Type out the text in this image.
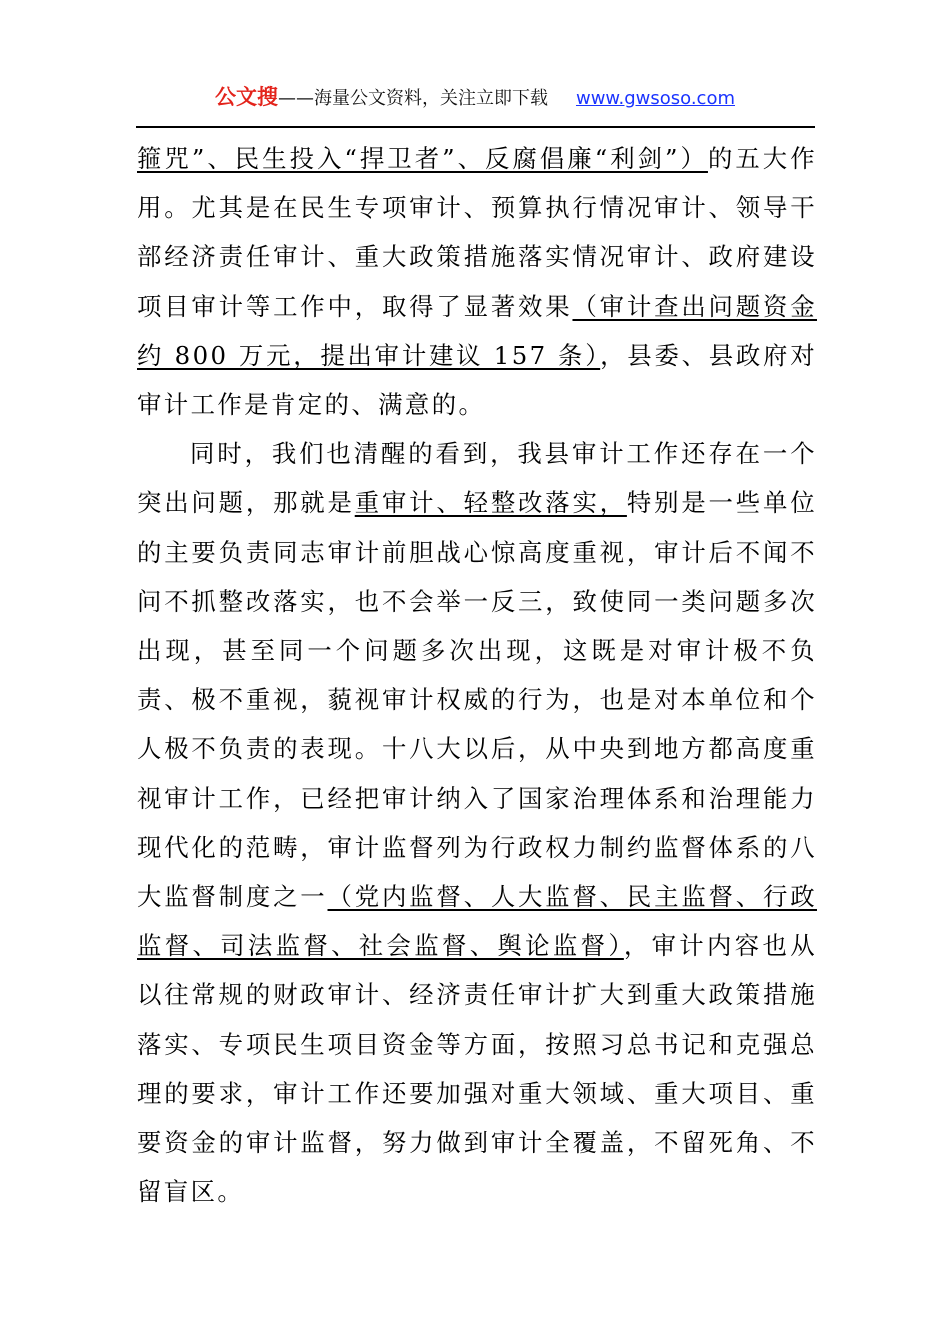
公文搜——海量公文资料，关注立即下载 www.gwsoso.com

箍咒”、民生投入“捍卫者”、反腐倡廉“利剑”）的五大作用。尤其是在民生专项审计、预算执行情况审计、领导干部经济责任审计、重大政策措施落实情况审计、政府建设项目审计等工作中，取得了显著效果（审计查出问题资金约 800 万元，提出审计建议 157 条），县委、县政府对审计工作是肯定的、满意的。

同时，我们也清醒的看到，我县审计工作还存在一个突出问题，那就是重审计、轻整改落实，特别是一些单位的主要负责同志审计前胆战心惊高度重视，审计后不闻不问不抓整改落实，也不会举一反三，致使同一类问题多次出现，甚至同一个问题多次出现，这既是对审计极不负责、极不重视，藐视审计权威的行为，也是对本单位和个人极不负责的表现。十八大以后，从中央到地方都高度重视审计工作，已经把审计纳入了国家治理体系和治理能力现代化的范畴，审计监督列为行政权力制约监督体系的八大监督制度之一（党内监督、人大监督、民主监督、行政监督、司法监督、社会监督、舆论监督），审计内容也从以往常规的财政审计、经济责任审计扩大到重大政策措施落实、专项民生项目资金等方面，按照习总书记和克强总理的要求，审计工作还要加强对重大领域、重大项目、重要资金的审计监督，努力做到审计全覆盖，不留死角、不留盲区。
